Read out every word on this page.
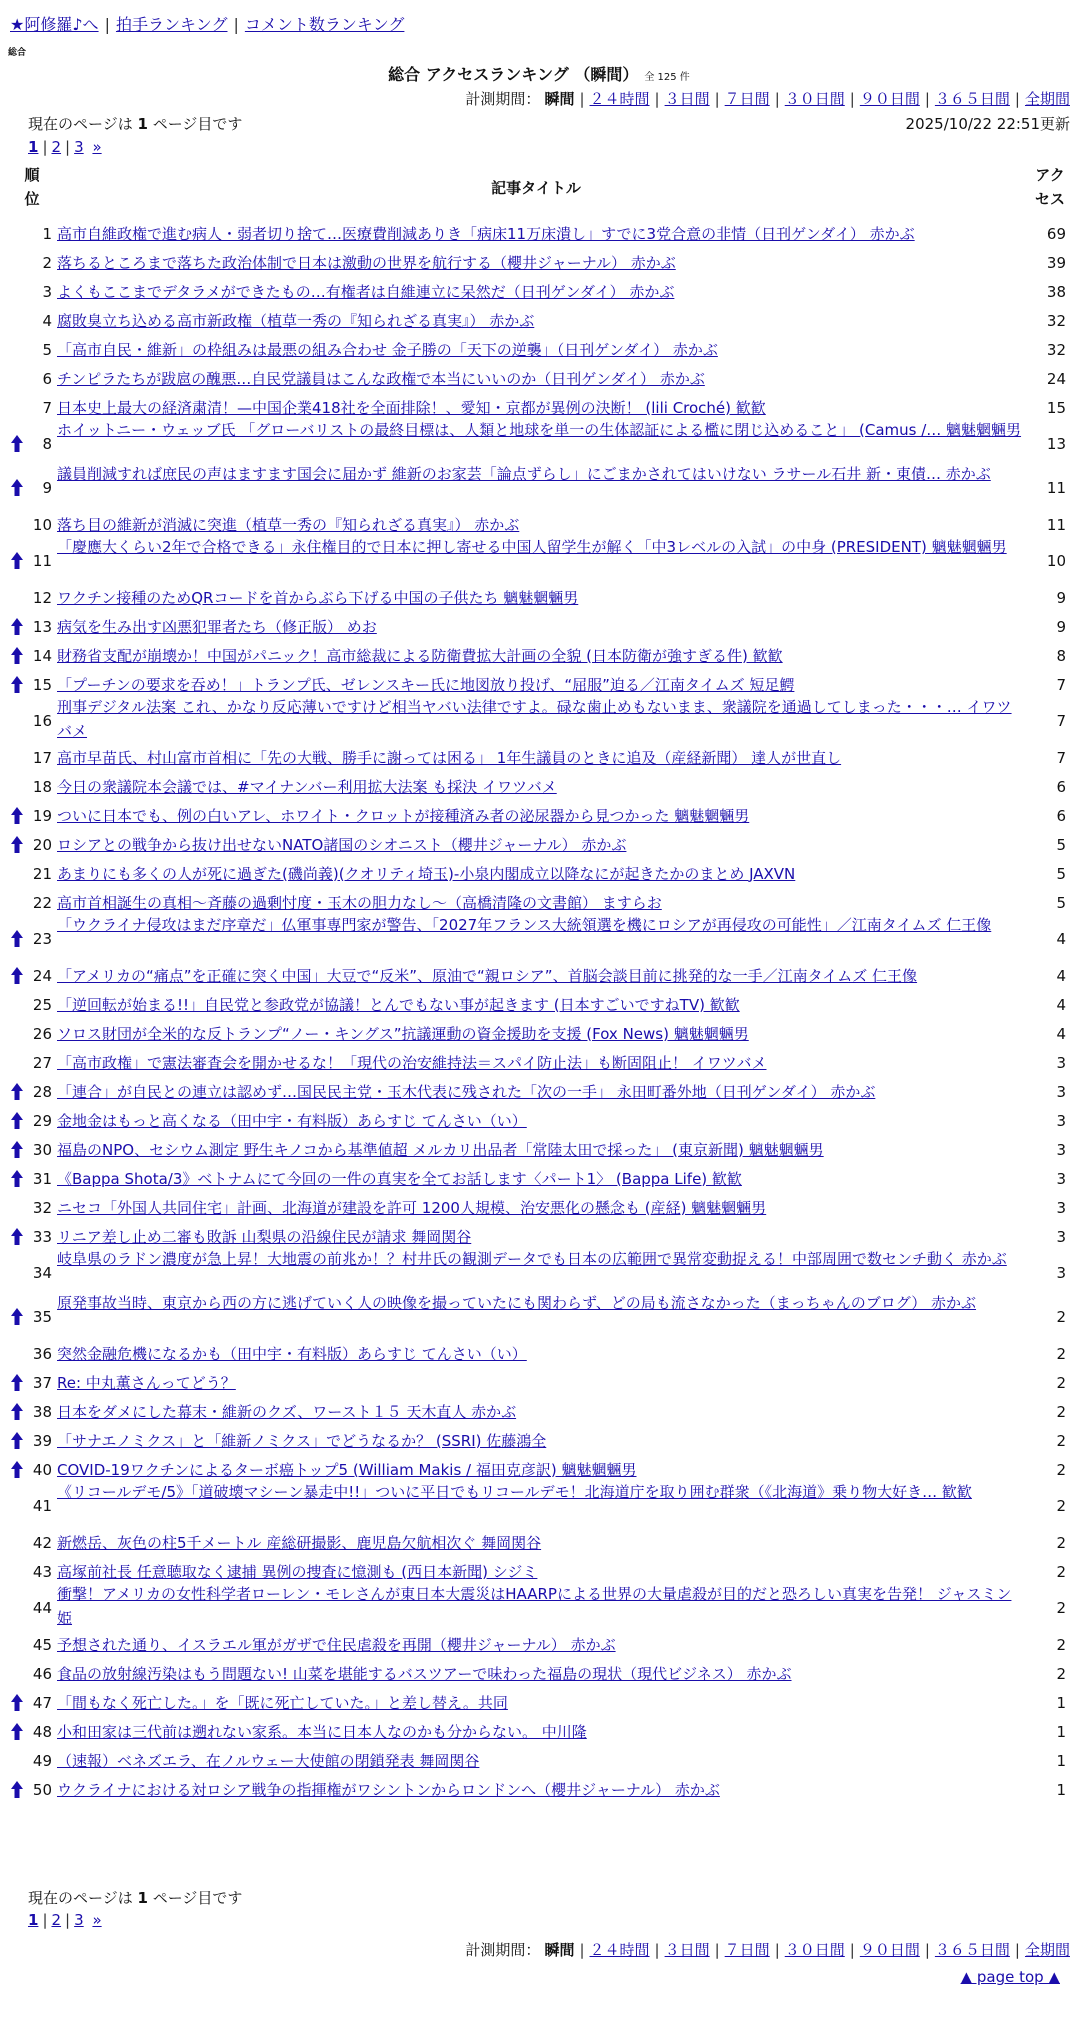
★阿修羅♪へ | 拍手ランキング | コメント数ランキング
総合
総合 アクセスランキング （瞬間） 全 125 件
計測期間： 瞬間 | ２４時間 | ３日間 | ７日間 | ３０日間 | ９０日間 | ３６５日間 | 全期間
現在のページは 1 ページ目です	2025/10/22 22:51更新
1 | 2 | 3 »
順位
記事タイトル
アクセス
1 高市自維政権で進む病人・弱者切り捨て…医療費削減ありき「病床11万床潰し」すでに3党合意の非情（日刊ゲンダイ） 赤かぶ	69
2 落ちるところまで落ちた政治体制で日本は激動の世界を航行する（櫻井ジャーナル） 赤かぶ	39
3 よくもここまでデタラメができたもの…有権者は自維連立に呆然だ（日刊ゲンダイ） 赤かぶ	38
4 腐敗臭立ち込める高市新政権（植草一秀の『知られざる真実』） 赤かぶ	32
5 「高市自民・維新」の枠組みは最悪の組み合わせ 金子勝の「天下の逆襲」（日刊ゲンダイ） 赤かぶ	32
6 チンピラたちが跋扈の醜悪…自民党議員はこんな政権で本当にいいのか（日刊ゲンダイ） 赤かぶ	24
7 日本史上最大の経済粛清！—中国企業418社を全面排除！、愛知・京都が異例の決断！ (lili Croché) 歓歓	15
8
ホイットニー・ウェッブ氏 「グローバリストの最終目標は、人類と地球を単一の生体認証による檻に閉じ込めること」 (Camus /… 魑魅魍魎男
13
9
議員削減すれば庶民の声はますます国会に届かず 維新のお家芸「論点ずらし」にごまかされてはいけない ラサール石井 新・東債… 赤かぶ
11
10 落ち目の維新が消滅に突進（植草一秀の『知られざる真実』） 赤かぶ	11
11
「慶應大くらい2年で合格できる」永住権目的で日本に押し寄せる中国人留学生が解く「中3レベルの入試」の中身 (PRESIDENT) 魑魅魍魎男
10
12 ワクチン接種のためQRコードを首からぶら下げる中国の子供たち 魑魅魍魎男	9
13 病気を生み出す凶悪犯罪者たち（修正版） めお	9
14 財務省支配が崩壊か！中国がパニック！高市総裁による防衛費拡大計画の全貌 (日本防衛が強すぎる件) 歓歓	8
15 「プーチンの要求を吞め！」トランプ氏、ゼレンスキー氏に地図放り投げ、“屈服”迫る／江南タイムズ 短足鰐	7
16
刑事デジタル法案 これ、かなり反応薄いですけど相当ヤバい法律ですよ。碌な歯止めもないまま、衆議院を通過してしまった・・・… イワツバメ
7
17 高市早苗氏、村山富市首相に「先の大戦、勝手に謝っては困る」 1年生議員のときに追及（産経新聞） 達人が世直し	7
18 今日の衆議院本会議では、#マイナンバー利用拡大法案 も採決 イワツバメ	6
19 ついに日本でも、例の白いアレ、ホワイト・クロットが接種済み者の泌尿器から見つかった 魑魅魍魎男	6
20 ロシアとの戦争から抜け出せないNATO諸国のシオニスト（櫻井ジャーナル） 赤かぶ	5
21 あまりにも多くの人が死に過ぎた(磯尚義)(クオリティ埼玉)-小泉内閣成立以降なにが起きたかのまとめ JAXVN	5
22 高市首相誕生の真相～斉藤の過剰忖度・玉木の胆力なし～（高橋清隆の文書館） ますらお	5
23
「ウクライナ侵攻はまだ序章だ」仏軍事専門家が警告、「2027年フランス大統領選を機にロシアが再侵攻の可能性」／江南タイムズ 仁王像
4
24 「アメリカの“痛点”を正確に突く中国」大豆で“反米”、原油で“親ロシア”、首脳会談目前に挑発的な一手／江南タイムズ 仁王像	4
25 「逆回転が始まる!!」自民党と参政党が協議！とんでもない事が起きます (日本すごいですねTV) 歓歓	4
26 ソロス財団が全米的な反トランプ“ノー・キングス”抗議運動の資金援助を支援 (Fox News) 魑魅魍魎男	4
27 「高市政権」で憲法審査会を開かせるな！「現代の治安維持法＝スパイ防止法」も断固阻止！ イワツバメ	3
28 「連合」が自民との連立は認めず…国民民主党・玉木代表に残された「次の一手」 永田町番外地（日刊ゲンダイ） 赤かぶ	3
29 金地金はもっと高くなる（田中宇・有料版）あらすじ てんさい（い）	3
30 福島のNPO、セシウム測定 野生キノコから基準値超 メルカリ出品者「常陸太田で採った」 (東京新聞) 魑魅魍魎男	3
31 《Bappa Shota/3》ベトナムにて今回の一件の真実を全てお話します〈パート1〉 (Bappa Life) 歓歓	3
32 ニセコ「外国人共同住宅」計画、北海道が建設を許可 1200人規模、治安悪化の懸念も (産経) 魑魅魍魎男	3
33 リニア差し止め二審も敗訴 山梨県の沿線住民が請求 舞岡関谷	3
34
岐阜県のラドン濃度が急上昇！大地震の前兆か！？村井氏の観測データでも日本の広範囲で異常変動捉える！中部周囲で数センチ動く 赤かぶ
3
35
原発事故当時、東京から西の方に逃げていく人の映像を撮っていたにも関わらず、どの局も流さなかった（まっちゃんのブログ） 赤かぶ
2
36 突然金融危機になるかも（田中宇・有料版）あらすじ てんさい（い）	2
37 Re: 中丸薫さんってどう？	2
38 日本をダメにした幕末・維新のクズ、ワースト１５ 天木直人 赤かぶ	2
39 「サナエノミクス」と「維新ノミクス」でどうなるか？ (SSRI) 佐藤鴻全	2
40 COVID-19ワクチンによるターボ癌トップ5 (William Makis / 福田克彦訳) 魑魅魍魎男	2
41
《リコールデモ/5》「道破壊マシーン暴走中!!」ついに平日でもリコールデモ！北海道庁を取り囲む群衆（《北海道》乗り物大好き… 歓歓
2
42 新燃岳、灰色の柱5千メートル 産総研撮影、鹿児島欠航相次ぐ 舞岡関谷	2
43 高塚前社長 任意聴取なく逮捕 異例の捜査に憶測も (西日本新聞) シジミ	2
44
衝撃！アメリカの女性科学者ローレン・モレさんが東日本大震災はHAARPによる世界の大量虐殺が目的だと恐ろしい真実を告発！ ジャスミン姫
2
45 予想された通り、イスラエル軍がガザで住民虐殺を再開（櫻井ジャーナル） 赤かぶ	2
46 食品の放射線汚染はもう問題ない! 山菜を堪能するバスツアーで味わった福島の現状（現代ビジネス） 赤かぶ	2
47 「間もなく死亡した。」を「既に死亡していた。」と差し替え。共同	1
48 小和田家は三代前は遡れない家系。本当に日本人なのかも分からない。 中川隆	1
49 （速報）ベネズエラ、在ノルウェー大使館の閉鎖発表 舞岡関谷	1
50 ウクライナにおける対ロシア戦争の指揮権がワシントンからロンドンへ（櫻井ジャーナル） 赤かぶ	1
現在のページは 1 ページ目です
1 | 2 | 3 »
計測期間： 瞬間 | ２４時間 | ３日間 | ７日間 | ３０日間 | ９０日間 | ３６５日間 | 全期間
▲ page top ▲
